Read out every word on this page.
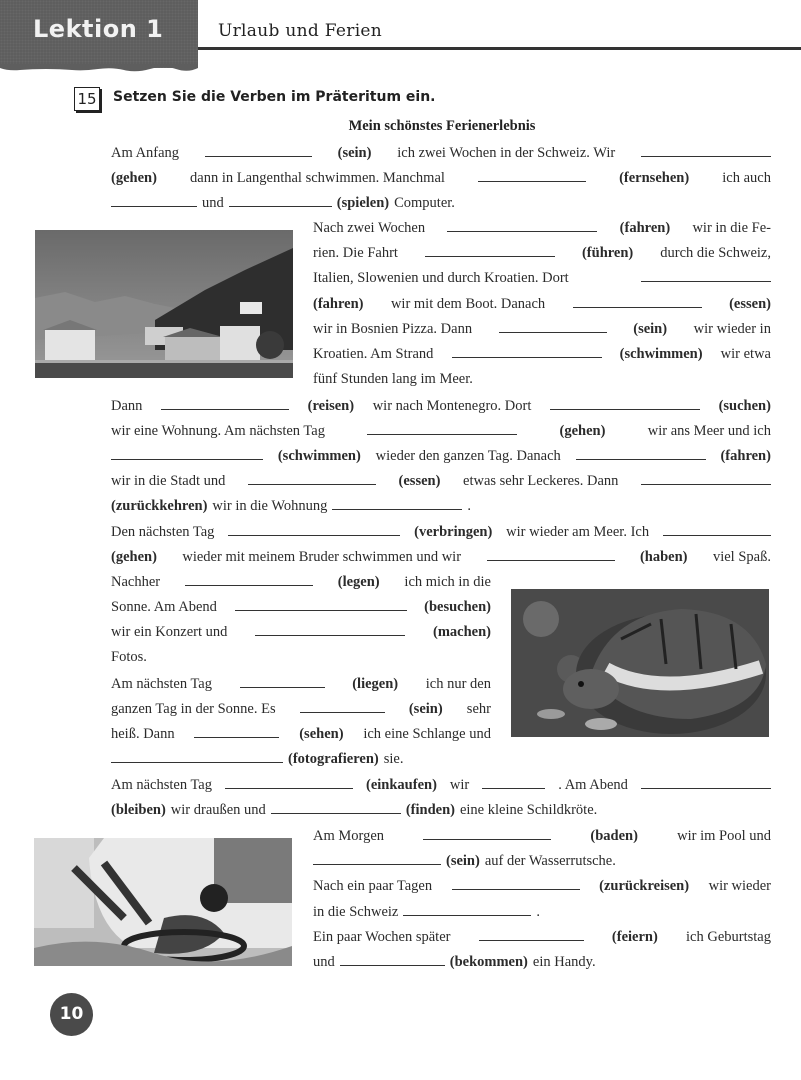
Lektion 1	Urlaub und Ferien
15 Setzen Sie die Verben im Präteritum ein.
Mein schönstes Ferienerlebnis
Am Anfang	(sein) ich zwei Wochen in der Schweiz. Wir
(gehen) dann in Langenthal schwimmen. Manchmal	(fernsehen) ich auch
und	(spielen) Computer.
Nach zwei Wochen	(fahren) wir in die Fe-
rien. Die Fahrt	(führen) durch die Schweiz,
Italien, Slowenien und durch Kroatien. Dort
(fahren) wir mit dem Boot. Danach	(essen)
wir in Bosnien Pizza. Dann	(sein) wir wieder in
Kroatien. Am Strand	(schwimmen) wir etwa
fünf Stunden lang im Meer.
Dann	(reisen) wir nach Montenegro. Dort	(suchen)
wir eine Wohnung. Am nächsten Tag	(gehen)	wir ans Meer und ich
(schwimmen) wieder den ganzen Tag. Danach	(fahren)
wir in die Stadt und	(essen) etwas sehr Leckeres. Dann
(zurückkehren) wir in die Wohnung	.
Den nächsten Tag	(verbringen) wir wieder am Meer. Ich
(gehen) wieder mit meinem Bruder schwimmen und wir	(haben) viel Spaß.
Nachher	(legen) ich mich in die
Sonne. Am Abend	(besuchen)
wir ein Konzert und	(machen)
Fotos.
Am nächsten Tag	(liegen) ich nur den
ganzen Tag in der Sonne. Es	(sein) sehr
heiß. Dann	(sehen) ich eine Schlange und
(fotografieren) sie.
Am nächsten Tag	(einkaufen) wir	. Am Abend
(bleiben) wir draußen und	(finden) eine kleine Schildkröte.
Am Morgen	(baden)	wir im Pool und
(sein) auf der Wasserrutsche.
Nach ein paar Tagen	(zurückreisen) wir wieder
in die Schweiz	.
Ein paar Wochen später	(feiern) ich Geburtstag
und	(bekommen) ein Handy.
10
